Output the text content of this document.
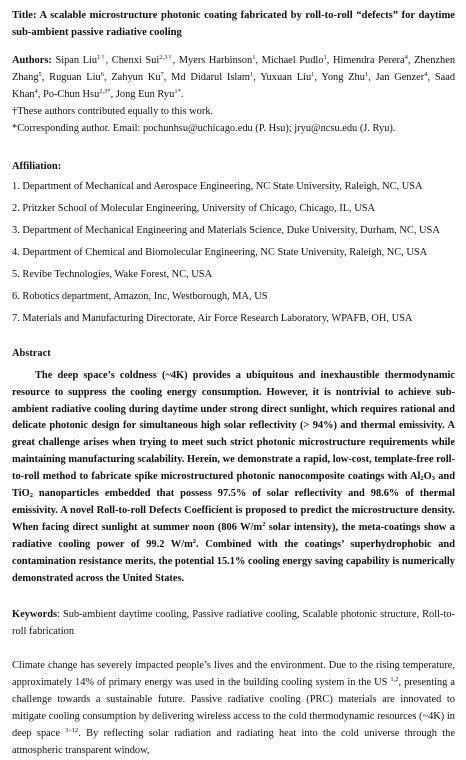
Title: A scalable microstructure photonic coating fabricated by roll-to-roll “defects” for daytime sub-ambient passive radiative cooling

Authors: Sipan Liu$^{1\dagger}$, Chenxi Sui$^{2,3\dagger}$, Myers Harbinson$^1$, Michael Pudlo$^1$, Himendra Perera$^4$, Zhenzhen Zhang$^5$, Ruguan Liu$^6$, Zahyun Ku$^7$, Md Didarul Islam$^1$, Yuxuan Liu$^1$, Yong Zhu$^1$, Jan Genzer$^4$, Saad Khan$^4$, Po-Chun Hsu$^{2,3*}$, Jong Eun Ryu$^{1*}$.

†These authors contributed equally to this work.

*Corresponding author. Email: pochunhsu@uchicago.edu (P. Hsu); jryu@ncsu.edu (J. Ryu).

Affiliation:

1. Department of Mechanical and Aerospace Engineering, NC State University, Raleigh, NC, USA

2. Pritzker School of Molecular Engineering, University of Chicago, Chicago, IL, USA

3. Department of Mechanical Engineering and Materials Science, Duke University, Durham, NC, USA

4. Department of Chemical and Biomolecular Engineering, NC State University, Raleigh, NC, USA

5. Revibe Technologies, Wake Forest, NC, USA

6. Robotics department, Amazon, Inc, Westborough, MA, US

7. Materials and Manufacturing Directorate, Air Force Research Laboratory, WPAFB, OH, USA

Abstract

The deep space’s coldness (~4K) provides a ubiquitous and inexhaustible thermodynamic resource to suppress the cooling energy consumption. However, it is nontrivial to achieve sub-ambient radiative cooling during daytime under strong direct sunlight, which requires rational and delicate photonic design for simultaneous high solar reflectivity (> 94%) and thermal emissivity. A great challenge arises when trying to meet such strict photonic microstructure requirements while maintaining manufacturing scalability. Herein, we demonstrate a rapid, low-cost, template-free roll-to-roll method to fabricate spike microstructured photonic nanocomposite coatings with $Al_2O_3$ and TiO$_2$ nanoparticles embedded that possess 97.5% of solar reflectivity and 98.6% of thermal emissivity. A novel Roll-to-roll Defects Coefficient is proposed to predict the microstructure density. When facing direct sunlight at summer noon (806 $W/m^2$ solar intensity), the meta-coatings show a radiative cooling power of 99.2 $W/m^2$. Combined with the coatings’ superhydrophobic and contamination resistance merits, the potential 15.1% cooling energy saving capability is numerically demonstrated across the United States.

Keywords: Sub-ambient daytime cooling, Passive radiative cooling, Scalable photonic structure, Roll-to-roll fabrication

Climate change has severely impacted people’s lives and the environment. Due to the rising temperature, approximately 14% of primary energy was used in the building cooling system in the US $^{1,2}$, presenting a challenge towards a sustainable future. Passive radiative cooling (PRC) materials are innovated to mitigate cooling consumption by delivering wireless access to the cold thermodynamic resources (~4K) in deep space $^{3-12}$. By reflecting solar radiation and radiating heat into the cold universe through the atmospheric transparent window,
